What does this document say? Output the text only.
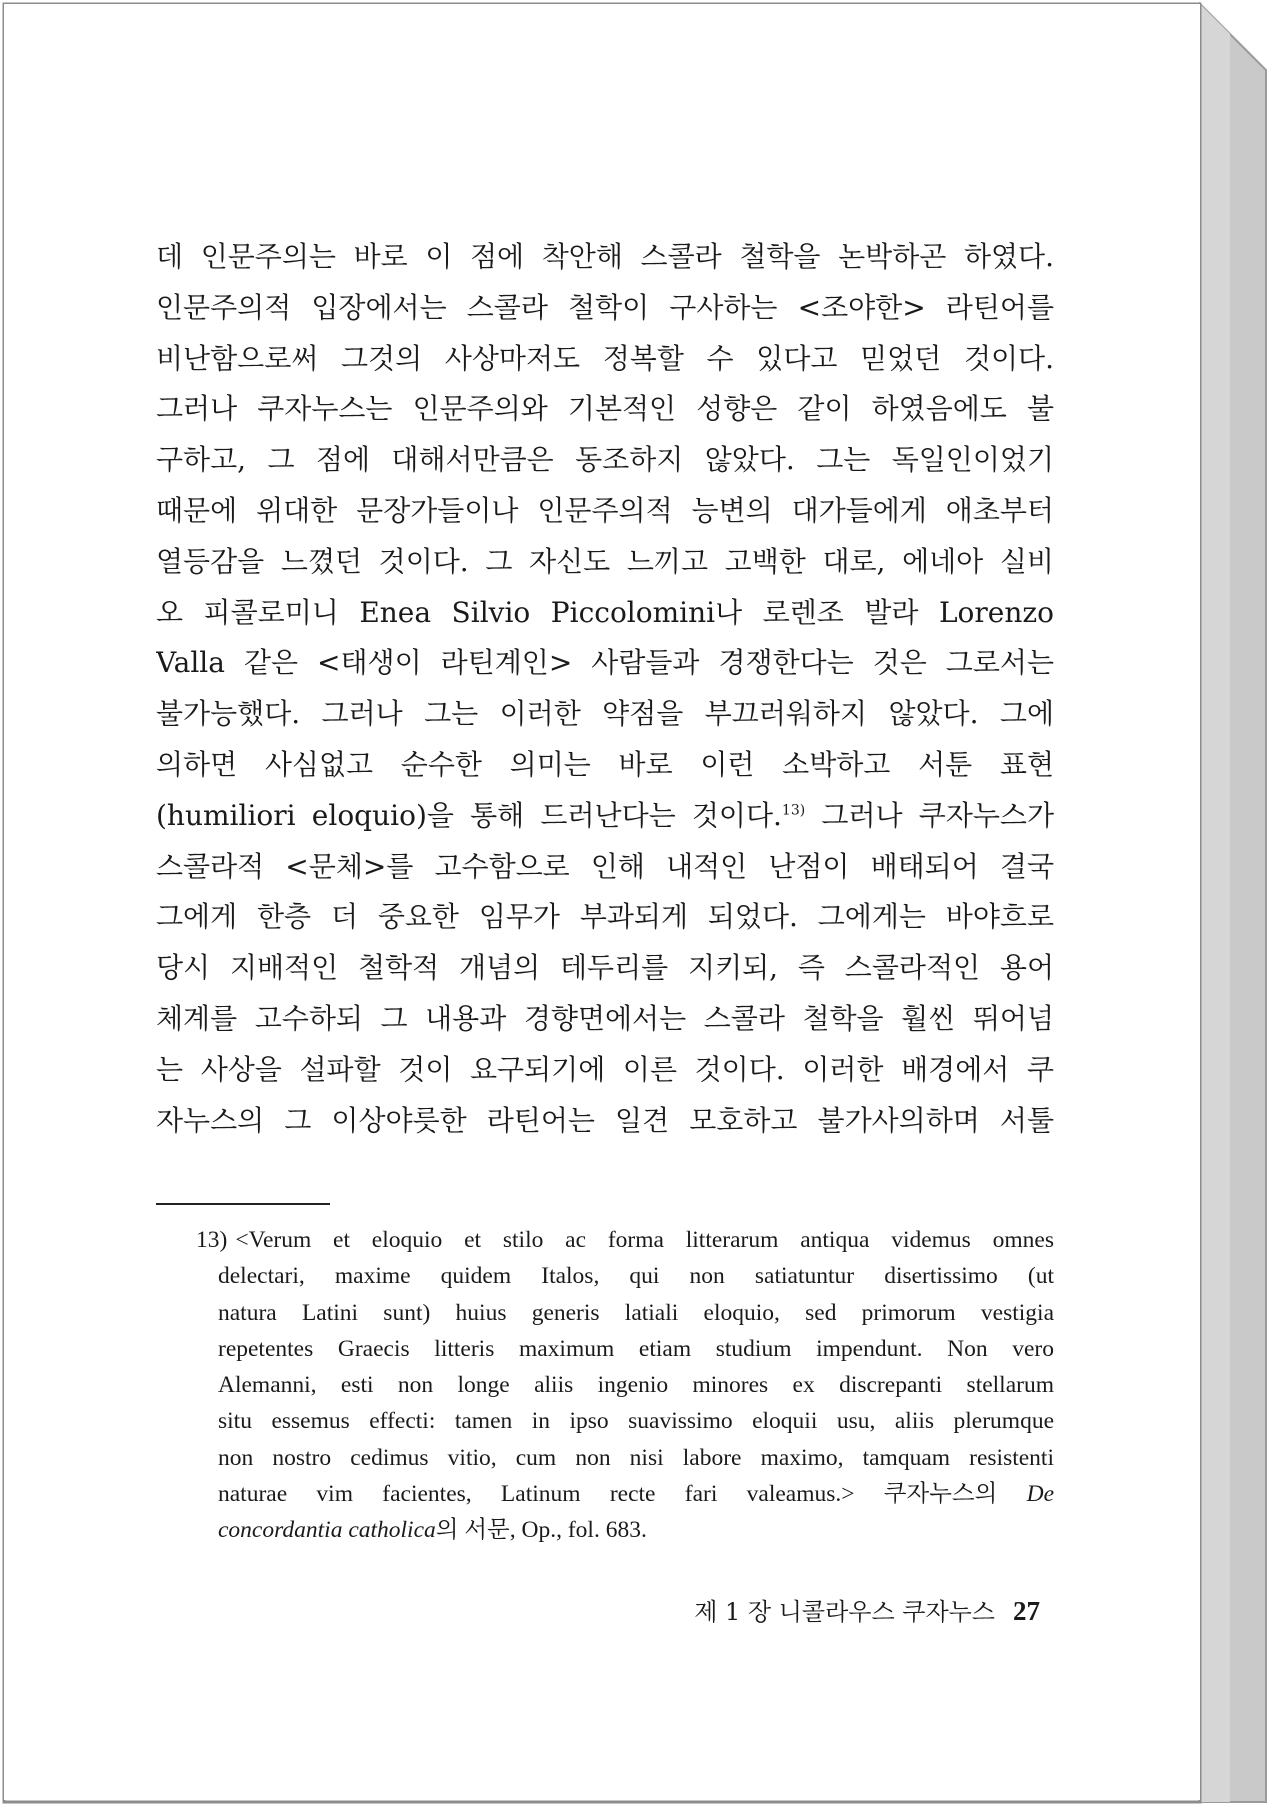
데 인문주의는 바로 이 점에 착안해 스콜라 철학을 논박하곤 하였다.
인문주의적 입장에서는 스콜라 철학이 구사하는 <조야한> 라틴어를
비난함으로써 그것의 사상마저도 정복할 수 있다고 믿었던 것이다.
그러나 쿠자누스는 인문주의와 기본적인 성향은 같이 하였음에도 불
구하고, 그 점에 대해서만큼은 동조하지 않았다. 그는 독일인이었기
때문에 위대한 문장가들이나 인문주의적 능변의 대가들에게 애초부터
열등감을 느꼈던 것이다. 그 자신도 느끼고 고백한 대로, 에네아 실비
오 피콜로미니 Enea Silvio Piccolomini나 로렌조 발라 Lorenzo
Valla 같은 <태생이 라틴계인> 사람들과 경쟁한다는 것은 그로서는
불가능했다. 그러나 그는 이러한 약점을 부끄러워하지 않았다. 그에
의하면 사심없고 순수한 의미는 바로 이런 소박하고 서툰 표현
(humiliori eloquio)을 통해 드러난다는 것이다.$^{13)}$ 그러나 쿠자누스가
스콜라적 <문체>를 고수함으로 인해 내적인 난점이 배태되어 결국
그에게 한층 더 중요한 임무가 부과되게 되었다. 그에게는 바야흐로
당시 지배적인 철학적 개념의 테두리를 지키되, 즉 스콜라적인 용어
체계를 고수하되 그 내용과 경향면에서는 스콜라 철학을 훨씬 뛰어넘
는 사상을 설파할 것이 요구되기에 이른 것이다. 이러한 배경에서 쿠
자누스의 그 이상야릇한 라틴어는 일견 모호하고 불가사의하며 서툴
13) <Verum et eloquio et stilo ac forma litterarum antiqua videmus omnes
delectari, maxime quidem Italos, qui non satiatuntur disertissimo (ut
natura Latini sunt) huius generis latiali eloquio, sed primorum vestigia
repetentes Graecis litteris maximum etiam studium impendunt. Non vero
Alemanni, esti non longe aliis ingenio minores ex discrepanti stellarum
situ essemus effecti: tamen in ipso suavissimo eloquii usu, aliis plerumque
non nostro cedimus vitio, cum non nisi labore maximo, tamquam resistenti
naturae vim facientes, Latinum recte fari valeamus.> 쿠자누스의 De
concordantia catholica의 서문, Op., fol. 683.
제 1 장 니콜라우스 쿠자누스 27
